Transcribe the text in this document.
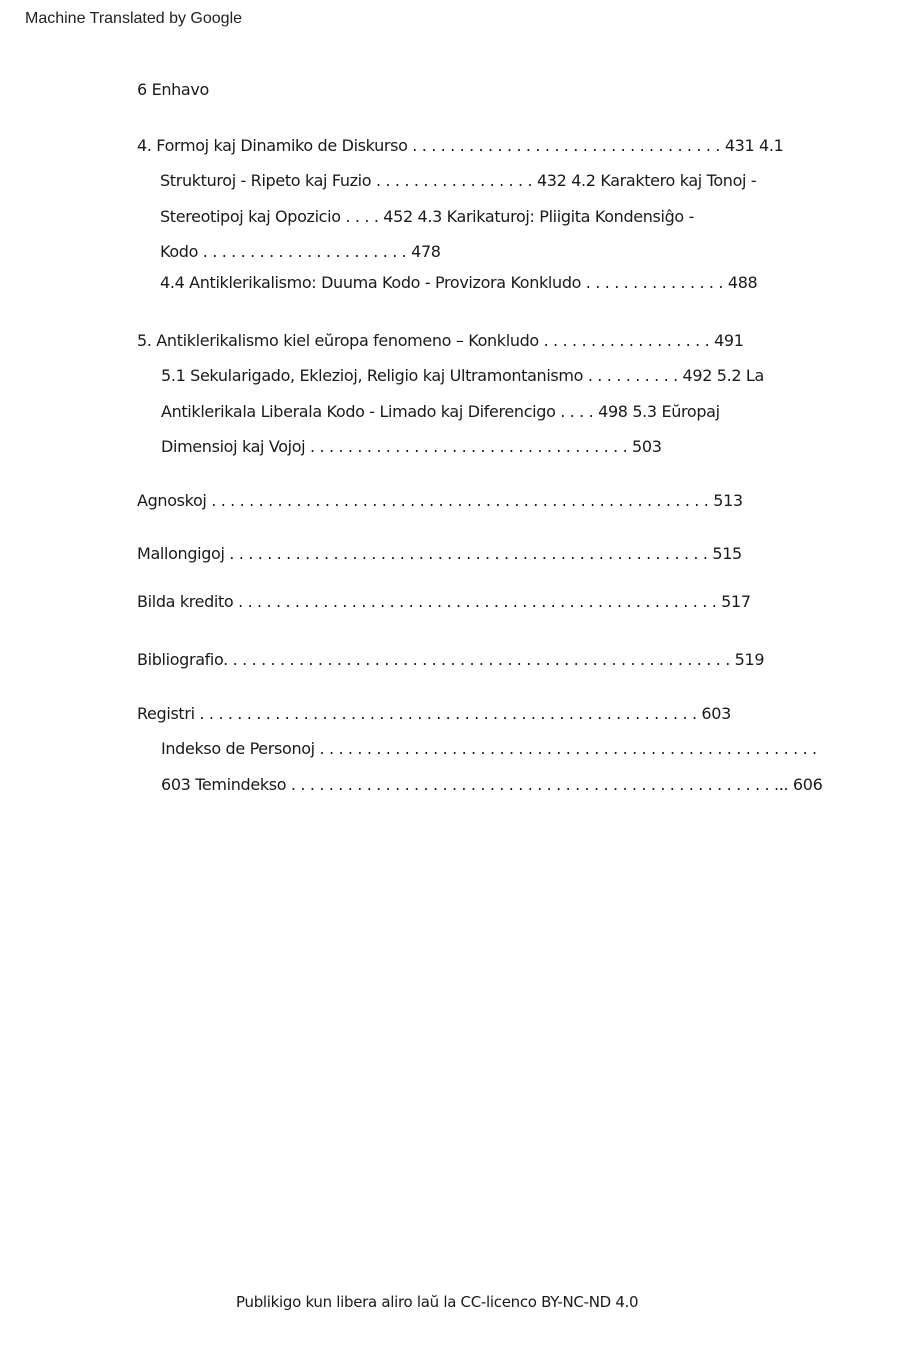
Machine Translated by Google
6 Enhavo
4. Formoj kaj Dinamiko de Diskurso . . . . . . . . . . . . . . . . . . . . . . . . . . . . . . . . . 431 4.1
Strukturoj - Ripeto kaj Fuzio . . . . . . . . . . . . . . . . . 432 4.2 Karaktero kaj Tonoj -
Stereotipoj kaj Opozicio . . . . 452 4.3 Karikaturoj: Pliigita Kondensiĝo -
Kodo . . . . . . . . . . . . . . . . . . . . . . 478
4.4 Antiklerikalismo: Duuma Kodo - Provizora Konkludo . . . . . . . . . . . . . . . 488
5. Antiklerikalismo kiel eŭropa fenomeno – Konkludo . . . . . . . . . . . . . . . . . . 491
5.1 Sekularigado, Eklezioj, Religio kaj Ultramontanismo . . . . . . . . . . 492 5.2 La
Antiklerikala Liberala Kodo - Limado kaj Diferencigo . . . . 498 5.3 Eŭropaj
Dimensioj kaj Vojoj . . . . . . . . . . . . . . . . . . . . . . . . . . . . . . . . . . 503
Agnoskoj . . . . . . . . . . . . . . . . . . . . . . . . . . . . . . . . . . . . . . . . . . . . . . . . . . . . . 513
Mallongigoj . . . . . . . . . . . . . . . . . . . . . . . . . . . . . . . . . . . . . . . . . . . . . . . . . . . 515
Bilda kredito . . . . . . . . . . . . . . . . . . . . . . . . . . . . . . . . . . . . . . . . . . . . . . . . . . . 517
Bibliografio. . . . . . . . . . . . . . . . . . . . . . . . . . . . . . . . . . . . . . . . . . . . . . . . . . . . . . 519
Registri . . . . . . . . . . . . . . . . . . . . . . . . . . . . . . . . . . . . . . . . . . . . . . . . . . . . . 603
Indekso de Personoj . . . . . . . . . . . . . . . . . . . . . . . . . . . . . . . . . . . . . . . . . . . . . . . . . . . . .
603 Temindekso . . . . . . . . . . . . . . . . . . . . . . . . . . . . . . . . . . . . . . . . . . . . . . . . . . . ... 606
Publikigo kun libera aliro laŭ la CC-licenco BY-NC-ND 4.0
